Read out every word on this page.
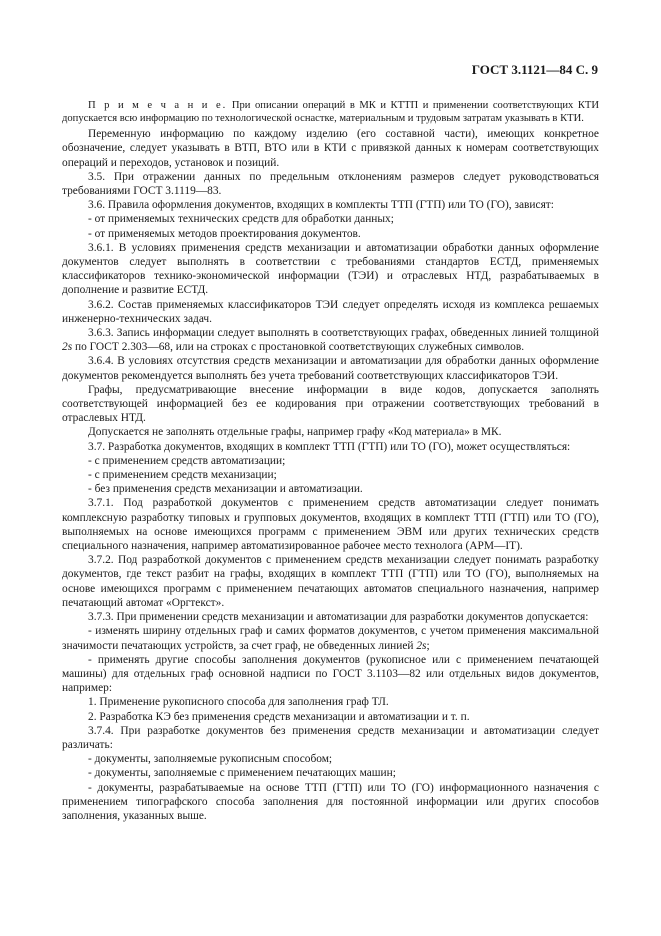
ГОСТ 3.1121—84 С. 9

П р и м е ч а н и е. При описании операций в МК и КТТП и применении соответствующих КТИ допускается всю информацию по технологической оснастке, материальным и трудовым затратам указывать в КТИ.

Переменную информацию по каждому изделию (его составной части), имеющих конкретное обозначение, следует указывать в ВТП, ВТО или в КТИ с привязкой данных к номерам соответствующих операций и переходов, установок и позиций.

3.5. При отражении данных по предельным отклонениям размеров следует руководствоваться требованиями ГОСТ 3.1119—83.

3.6. Правила оформления документов, входящих в комплекты ТТП (ГТП) или ТО (ГО), зависят:

- от применяемых технических средств для обработки данных;

- от применяемых методов проектирования документов.

3.6.1. В условиях применения средств механизации и автоматизации обработки данных оформление документов следует выполнять в соответствии с требованиями стандартов ЕСТД, применяемых классификаторов технико-экономической информации (ТЭИ) и отраслевых НТД, разрабатываемых в дополнение и развитие ЕСТД.

3.6.2. Состав применяемых классификаторов ТЭИ следует определять исходя из комплекса решаемых инженерно-технических задач.

3.6.3. Запись информации следует выполнять в соответствующих графах, обведенных линией толщиной 2s по ГОСТ 2.303—68, или на строках с простановкой соответствующих служебных символов.

3.6.4. В условиях отсутствия средств механизации и автоматизации для обработки данных оформление документов рекомендуется выполнять без учета требований соответствующих классификаторов ТЭИ.

Графы, предусматривающие внесение информации в виде кодов, допускается заполнять соответствующей информацией без ее кодирования при отражении соответствующих требований в отраслевых НТД.

Допускается не заполнять отдельные графы, например графу «Код материала» в МК.

3.7. Разработка документов, входящих в комплект ТТП (ГТП) или ТО (ГО), может осуществляться:

- с применением средств автоматизации;

- с применением средств механизации;

- без применения средств механизации и автоматизации.

3.7.1. Под разработкой документов с применением средств автоматизации следует понимать комплексную разработку типовых и групповых документов, входящих в комплект ТТП (ГТП) или ТО (ГО), выполняемых на основе имеющихся программ с применением ЭВМ или других технических средств специального назначения, например автоматизированное рабочее место технолога (АРМ—IT).

3.7.2. Под разработкой документов с применением средств механизации следует понимать разработку документов, где текст разбит на графы, входящих в комплект ТТП (ГТП) или ТО (ГО), выполняемых на основе имеющихся программ с применением печатающих автоматов специального назначения, например печатающий автомат «Оргтекст».

3.7.3. При применении средств механизации и автоматизации для разработки документов допускается:

- изменять ширину отдельных граф и самих форматов документов, с учетом применения максимальной значимости печатающих устройств, за счет граф, не обведенных линией 2s;

- применять другие способы заполнения документов (рукописное или с применением печатающей машины) для отдельных граф основной надписи по ГОСТ 3.1103—82 или отдельных видов документов, например:

1. Применение рукописного способа для заполнения граф ТЛ.

2. Разработка КЭ без применения средств механизации и автоматизации и т. п.

3.7.4. При разработке документов без применения средств механизации и автоматизации следует различать:

- документы, заполняемые рукописным способом;

- документы, заполняемые с применением печатающих машин;

- документы, разрабатываемые на основе ТТП (ГТП) или ТО (ГО) информационного назначения с применением типографского способа заполнения для постоянной информации или других способов заполнения, указанных выше.
